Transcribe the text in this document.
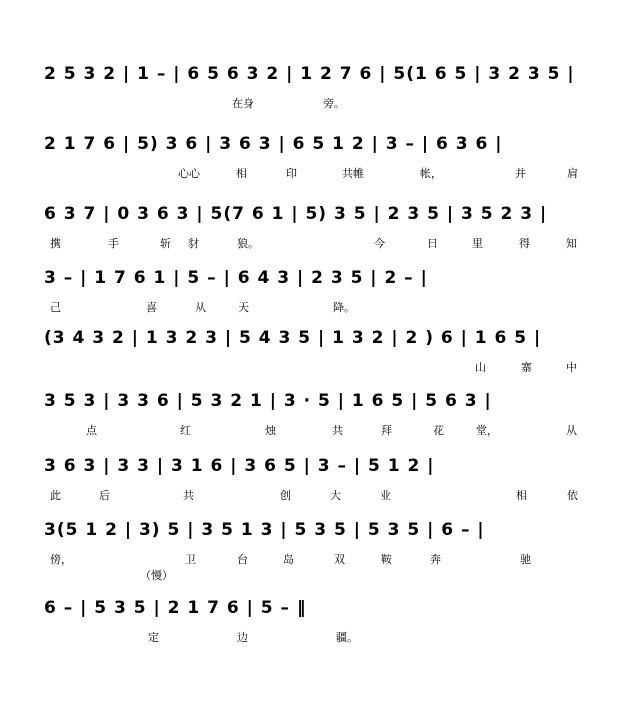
（慢）
2 5 3 2 | 1 – | 6 5 6 3 2 | 1 2 7 6 | 5(1 6 5 | 3 2 3 5 |
在身	旁。
2 1 7 6 | 5) 3 6 | 3 6 3 | 6 5 1 2 | 3 – | 6 3 6 |
心心	相	印	共帷	帐，	并	肩
6 3 7 | 0 3 6 3 | 5(7 6 1 | 5) 3 5 | 2 3 5 | 3 5 2 3 |
携	手	斩 豺	狼。	今	日	里	得	知
3 – | 1 7 6 1 | 5 – | 6 4 3 | 2 3 5 | 2 – |
己	喜	从	天	降。
(3 4 3 2 | 1 3 2 3 | 5 4 3 5 | 1 3 2 | 2 ) 6 | 1 6 5 |
山	寨	中
3 5 3 | 3 3 6 | 5 3 2 1 | 3 · 5 | 1 6 5 | 5 6 3 |
点	红	烛	共	拜	花	堂，	从
3 6 3 | 3 3 | 3 1 6 | 3 6 5 | 3 – | 5 1 2 |
此	后	共	创	大	业	相	依
3(5 1 2 | 3) 5 | 3 5 1 3 | 5 3 5 | 5 3 5 | 6 – |
傍，	卫	台	岛	双	鞍	奔	驰
6 – | 5 3 5 | 2 1 7 6 | 5 – ‖
定	边	疆。
